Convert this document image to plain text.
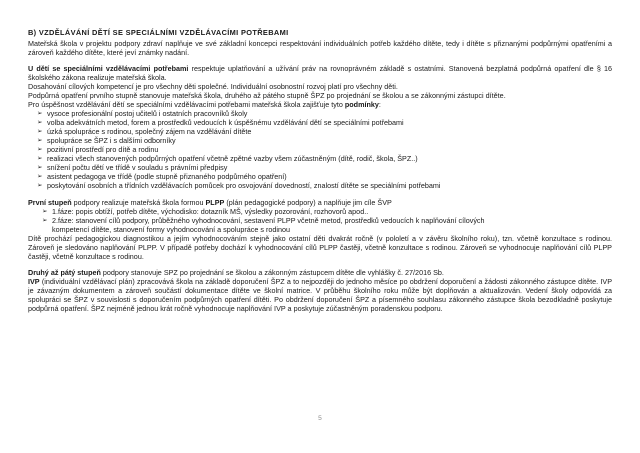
B) VZDĚLÁVÁNÍ DĚTÍ SE SPECIÁLNÍMI VZDĚLÁVACÍMI POTŘEBAMI

Mateřská škola v projektu podpory zdraví naplňuje ve své základní koncepci respektování individuálních potřeb každého dítěte, tedy i dítěte s přiznanými podpůrnými opatřeními a zároveň každého dítěte, které jeví známky nadání.

U dětí se speciálními vzdělávacími potřebami respektuje uplatňování a užívání práv na rovnoprávném základě s ostatními. Stanovená bezplatná podpůrná opatření dle § 16 školského zákona realizuje mateřská škola.

Dosahování cílových kompetencí je pro všechny děti společné. Individuální osobnostní rozvoj platí pro všechny děti.

Podpůrná opatření prvního stupně stanovuje mateřská škola, druhého až pátého stupně ŠPZ po projednání se školou a se zákonnými zástupci dítěte.

Pro úspěšnost vzdělávání dětí se speciálními vzdělávacími potřebami mateřská škola zajišťuje tyto podmínky:

➢ vysoce profesionální postoj učitelů i ostatních pracovníků školy
➢ volba adekvátních metod, forem a prostředků vedoucích k úspěšnému vzdělávání dětí se speciálními potřebami
➢ úzká spolupráce s rodinou, společný zájem na vzdělávání dítěte
➢ spolupráce se ŠPZ i s dalšími odborníky
➢ pozitivní prostředí pro dítě a rodinu
➢ realizaci všech stanovených podpůrných opatření včetně zpětné vazby všem zúčastněným (dítě, rodič, škola, ŠPZ..)
➢ snížení počtu dětí ve třídě v souladu s právními předpisy
➢ asistent pedagoga ve třídě (podle stupně přiznaného podpůrného opatření)
➢ poskytování osobních a třídních vzdělávacích pomůcek pro osvojování dovedností, znalostí dítěte se speciálními potřebami

První stupeň podpory realizuje mateřská škola formou PLPP (plán pedagogické podpory) a naplňuje jim cíle ŠVP

➢ 1.fáze: popis obtíží, potřeb dítěte, východisko: dotazník MŠ, výsledky pozorování, rozhovorů apod..
➢ 2.fáze: stanovení cílů podpory, průběžného vyhodnocování, sestavení PLPP včetně metod, prostředků vedoucích k naplňování cílových
kompetencí dítěte, stanovení formy vyhodnocování a spolupráce s rodinou

Dítě prochází pedagogickou diagnostikou a jejím vyhodnocováním stejně jako ostatní děti dvakrát ročně (v pololetí a v závěru školního roku), tzn. včetně konzultace s rodinou. Zároveň je sledováno naplňování PLPP. V případě potřeby dochází k vyhodnocování cílů PLPP častěji, včetně konzultace s rodinou. Zároveň se vyhodnocuje naplňování cílů PLPP častěji, včetně konzultace s rodinou.

Druhý až pátý stupeň podpory stanovuje SPZ po projednání se školou a zákonným zástupcem dítěte dle vyhlášky č. 27/2016 Sb.

IVP (individuální vzdělávací plán) zpracovává škola na základě doporučení ŠPZ a to nejpozději do jednoho měsíce po obdržení doporučení a žádosti zákonného zástupce dítěte. IVP je závazným dokumentem a zároveň součástí dokumentace dítěte ve školní matrice. V průběhu školního roku může být doplňován a aktualizován. Vedení školy odpovídá za spolupráci se ŠPZ v souvislosti s doporučením podpůrných opatření dítěti. Po obdržení doporučení ŠPZ a písemného souhlasu zákonného zástupce škola bezodkladně poskytuje podpůrná opatření. ŠPZ nejméně jednou krát ročně vyhodnocuje naplňování IVP a poskytuje zúčastněným poradenskou podporu.

5
